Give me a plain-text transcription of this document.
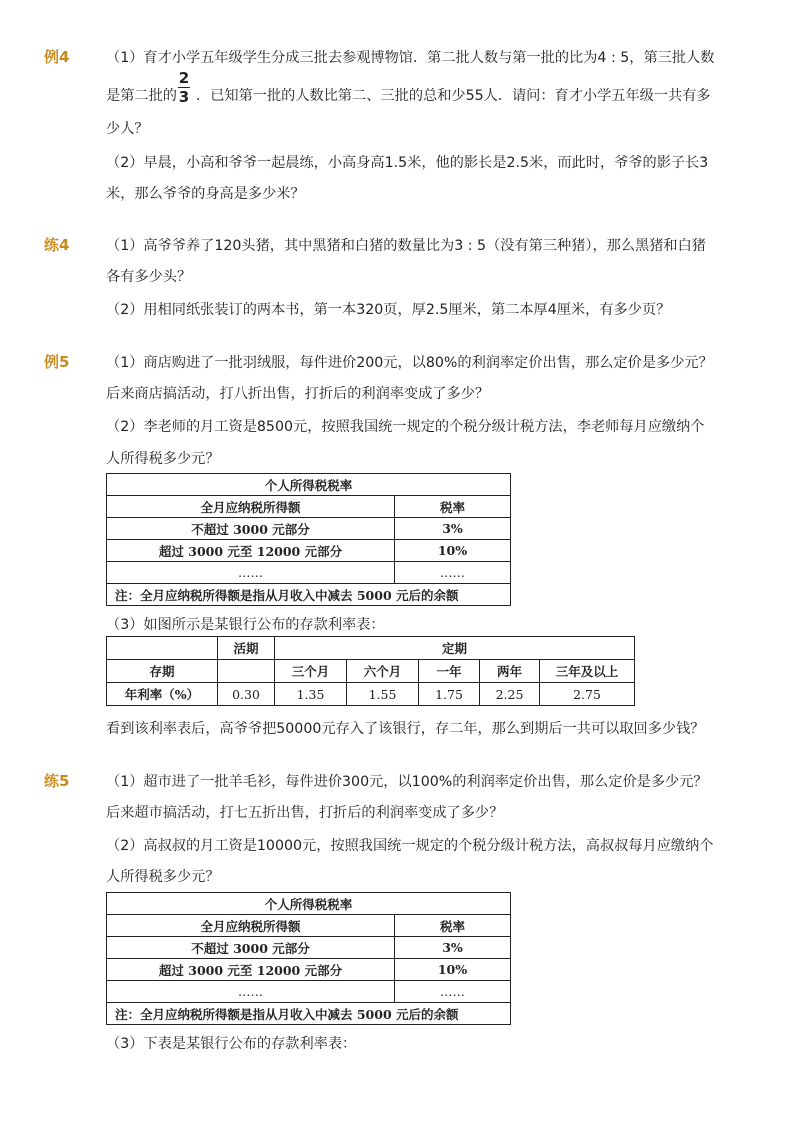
例4	（1）育才小学五年级学生分成三批去参观博物馆．第二批人数与第一批的比为4 : 5，第三批人数
是第二批的
2
3 ．已知第一批的人数比第二、三批的总和少55人．请问：育才小学五年级一共有多
少人？
（2）早晨，小高和爷爷一起晨练，小高身高1.5米，他的影长是2.5米，而此时，爷爷的影子长3
米，那么爷爷的身高是多少米？
练4	（1）高爷爷养了120头猪，其中黑猪和白猪的数量比为3 : 5（没有第三种猪），那么黑猪和白猪
各有多少头？
（2）用相同纸张装订的两本书，第一本320页，厚2.5厘米，第二本厚4厘米，有多少页？
例5	（1）商店购进了一批羽绒服，每件进价200元，以80%的利润率定价出售，那么定价是多少元？
后来商店搞活动，打八折出售，打折后的利润率变成了多少？
（2）李老师的月工资是8500元，按照我国统一规定的个税分级计税方法，李老师每月应缴纳个
人所得税多少元？
个人所得税税率	
全月应纳税所得额	税率
不超过 3000 元部分	3%
超过 3000 元至 12000 元部分	10%
……	……
注：全月应纳税所得额是指从月收入中减去 5000 元后的余额	
（3）如图所示是某银行公布的存款利率表：
	活期	定期				
存期		三个月	六个月	一年	两年	三年及以上
年利率（%）	0.30	1.35	1.55	1.75	2.25	2.75
看到该利率表后，高爷爷把50000元存入了该银行，存二年，那么到期后一共可以取回多少钱？
练5	（1）超市进了一批羊毛衫，每件进价300元，以100%的利润率定价出售，那么定价是多少元？
后来超市搞活动，打七五折出售，打折后的利润率变成了多少？
（2）高叔叔的月工资是10000元，按照我国统一规定的个税分级计税方法，高叔叔每月应缴纳个
人所得税多少元？
个人所得税税率	
全月应纳税所得额	税率
不超过 3000 元部分	3%
超过 3000 元至 12000 元部分	10%
……	……
注：全月应纳税所得额是指从月收入中减去 5000 元后的余额	
（3）下表是某银行公布的存款利率表：
